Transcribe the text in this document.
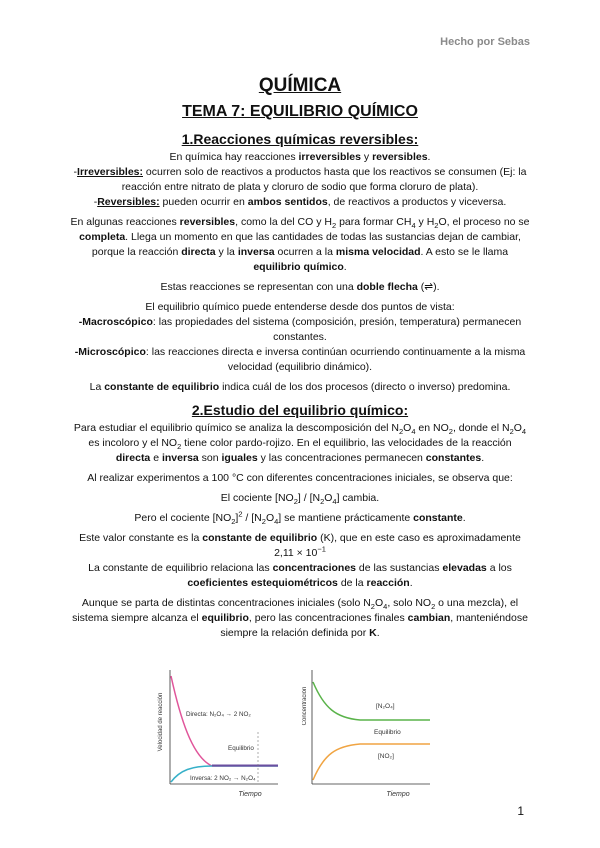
Hecho por Sebas
QUÍMICA
TEMA 7: EQUILIBRIO QUÍMICO
1.Reacciones químicas reversibles:

En química hay reacciones irreversibles y reversibles.

-Irreversibles: ocurren solo de reactivos a productos hasta que los reactivos se consumen (Ej: la reacción entre nitrato de plata y cloruro de sodio que forma cloruro de plata).

-Reversibles: pueden ocurrir en ambos sentidos, de reactivos a productos y viceversa.

En algunas reacciones reversibles, como la del CO y $H_2$ para formar $CH_4$ y $H_2O$, el proceso no se completa. Llega un momento en que las cantidades de todas las sustancias dejan de cambiar, porque la reacción directa y la inversa ocurren a la misma velocidad. A esto se le llama equilibrio químico.

Estas reacciones se representan con una doble flecha (⇌).

El equilibrio químico puede entenderse desde dos puntos de vista:

-Macroscópico: las propiedades del sistema (composición, presión, temperatura) permanecen constantes.

-Microscópico: las reacciones directa e inversa continúan ocurriendo continuamente a la misma velocidad (equilibrio dinámico).

La constante de equilibrio indica cuál de los dos procesos (directo o inverso) predomina.

2.Estudio del equilibrio químico:

Para estudiar el equilibrio químico se analiza la descomposición del $N_2O_4$ en $NO_2$, donde el $N_2O_4$ es incoloro y el $NO_2$ tiene color pardo-rojizo. En el equilibrio, las velocidades de la reacción directa e inversa son iguales y las concentraciones permanecen constantes.

Al realizar experimentos a 100 °C con diferentes concentraciones iniciales, se observa que:

El cociente $[NO_2] / [N_2O_4]$ cambia.

Pero el cociente $[NO_2]^2 / [N_2O_4]$ se mantiene prácticamente constante.

Este valor constante es la constante de equilibrio (K), que en este caso es aproximadamente $2,11 \times 10^{-1}$

La constante de equilibrio relaciona las concentraciones de las sustancias elevadas a los coeficientes estequiométricos de la reacción.

Aunque se parta de distintas concentraciones iniciales (solo $N_2O_4$, solo $NO_2$ o una mezcla), el sistema siempre alcanza el equilibrio, pero las concentraciones finales cambian, manteniéndose siempre la relación definida por K.

Velocidad de reacción
Tiempo
Directa: N₂O₄ → 2 NO₂
Equilibrio
Inversa: 2 NO₂ → N₂O₄
Concentración
Tiempo
[N₂O₄]
Equilibrio
[NO₂]
1
